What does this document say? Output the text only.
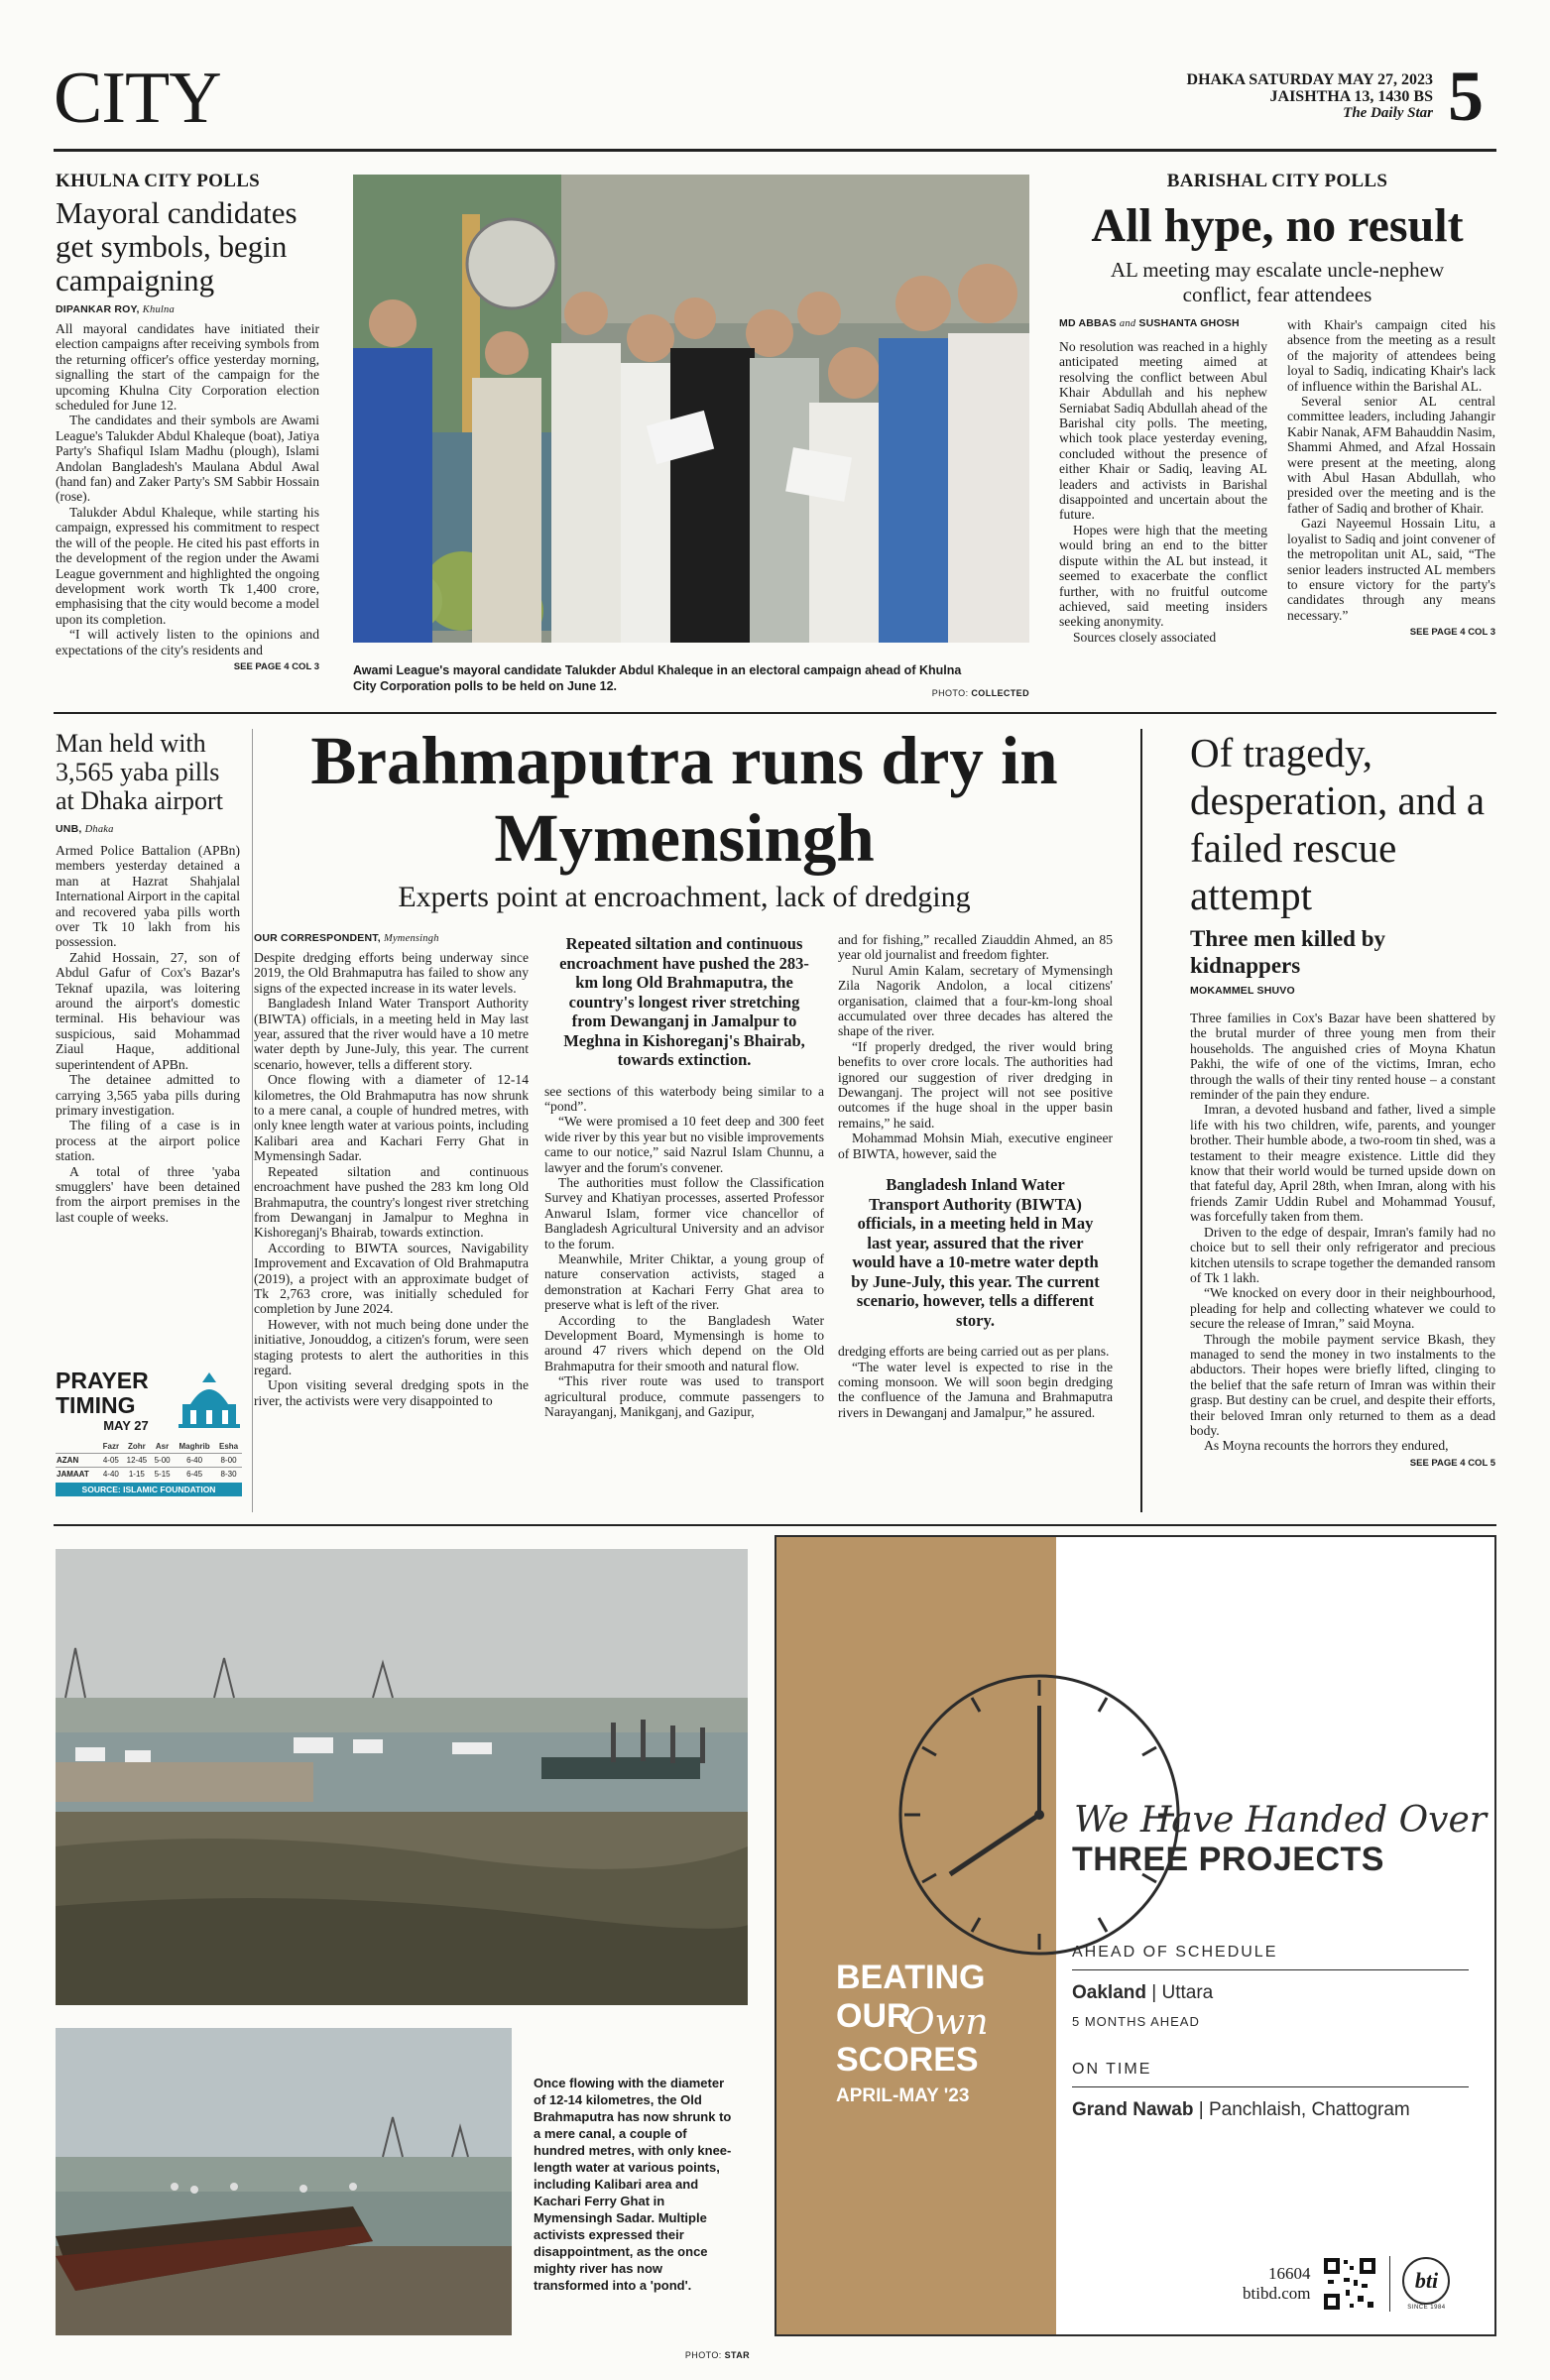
CITY	DHAKA SATURDAY MAY 27, 2023
JAISHTHA 13, 1430 BS
The Daily Star 5
KHULNA CITY POLLS
Mayoral candidates get symbols, begin campaigning
DIPANKAR ROY, Khulna

All mayoral candidates have initiated their election campaigns after receiving symbols from the returning officer's office yesterday morning, signalling the start of the campaign for the upcoming Khulna City Corporation election scheduled for June 12.

The candidates and their symbols are Awami League's Talukder Abdul Khaleque (boat), Jatiya Party's Shafiqul Islam Madhu (plough), Islami Andolan Bangladesh's Maulana Abdul Awal (hand fan) and Zaker Party's SM Sabbir Hossain (rose).

Talukder Abdul Khaleque, while starting his campaign, expressed his commitment to respect the will of the people. He cited his past efforts in the development of the region under the Awami League government and highlighted the ongoing development work worth Tk 1,400 crore, emphasising that the city would become a model upon its completion.

“I will actively listen to the opinions and expectations of the city's residents and

SEE PAGE 4 COL 3	Awami League's mayoral candidate Talukder Abdul Khaleque in an electoral campaign ahead of Khulna City Corporation polls to be held on June 12.	PHOTO: COLLECTED
BARISHAL CITY POLLS
All hype, no result
AL meeting may escalate uncle-nephew conflict, fear attendees
MD ABBAS and SUSHANTA GHOSH

No resolution was reached in a highly anticipated meeting aimed at resolving the conflict between Abul Khair Abdullah and his nephew Serniabat Sadiq Abdullah ahead of the Barishal city polls. The meeting, which took place yesterday evening, concluded without the presence of either Khair or Sadiq, leaving AL leaders and activists in Barishal disappointed and uncertain about the future.

Hopes were high that the meeting would bring an end to the bitter dispute within the AL but instead, it seemed to exacerbate the conflict further, with no fruitful outcome achieved, said meeting insiders seeking anonymity.

Sources closely associated

with Khair's campaign cited his absence from the meeting as a result of the majority of attendees being loyal to Sadiq, indicating Khair's lack of influence within the Barishal AL.

Several senior AL central committee leaders, including Jahangir Kabir Nanak, AFM Bahauddin Nasim, Shammi Ahmed, and Afzal Hossain were present at the meeting, along with Abul Hasan Abdullah, who presided over the meeting and is the father of Sadiq and brother of Khair.

Gazi Nayeemul Hossain Litu, a loyalist to Sadiq and joint convener of the metropolitan unit AL, said, “The senior leaders instructed AL members to ensure victory for the party's candidates through any means necessary.”

SEE PAGE 4 COL 3
Man held with 3,565 yaba pills at Dhaka airport
UNB, Dhaka

Armed Police Battalion (APBn) members yesterday detained a man at Hazrat Shahjalal International Airport in the capital and recovered yaba pills worth over Tk 10 lakh from his possession.

Zahid Hossain, 27, son of Abdul Gafur of Cox's Bazar's Teknaf upazila, was loitering around the airport's domestic terminal. His behaviour was suspicious, said Mohammad Ziaul Haque, additional superintendent of APBn.

The detainee admitted to carrying 3,565 yaba pills during primary investigation.

The filing of a case is in process at the airport police station.

A total of three 'yaba smugglers' have been detained from the airport premises in the last couple of weeks.

PRAYER
TIMING
MAY 27
	Fazr	Zohr	Asr	Maghrib	Esha
AZAN	4-05	12-45	5-00	6-40	8-00
JAMAAT	4-40	1-15	5-15	6-45	8-30
SOURCE: ISLAMIC FOUNDATION
Brahmaputra runs dry in Mymensingh
Experts point at encroachment, lack of dredging
OUR CORRESPONDENT, Mymensingh

Despite dredging efforts being underway since 2019, the Old Brahmaputra has failed to show any signs of the expected increase in its water levels.

Bangladesh Inland Water Transport Authority (BIWTA) officials, in a meeting held in May last year, assured that the river would have a 10 metre water depth by June-July, this year. The current scenario, however, tells a different story.

Once flowing with a diameter of 12-14 kilometres, the Old Brahmaputra has now shrunk to a mere canal, a couple of hundred metres, with only knee length water at various points, including Kalibari area and Kachari Ferry Ghat in Mymensingh Sadar.

Repeated siltation and continuous encroachment have pushed the 283 km long Old Brahmaputra, the country's longest river stretching from Dewanganj in Jamalpur to Meghna in Kishoreganj's Bhairab, towards extinction.

According to BIWTA sources, Navigability Improvement and Excavation of Old Brahmaputra (2019), a project with an approximate budget of Tk 2,763 crore, was initially scheduled for completion by June 2024.

However, with not much being done under the initiative, Jonouddog, a citizen's forum, were seen staging protests to alert the authorities in this regard.

Upon visiting several dredging spots in the river, the activists were very disappointed to

Repeated siltation and continuous encroachment have pushed the 283-km long Old Brahmaputra, the country's longest river stretching from Dewanganj in Jamalpur to Meghna in Kishoreganj's Bhairab, towards extinction.

see sections of this waterbody being similar to a “pond”.

“We were promised a 10 feet deep and 300 feet wide river by this year but no visible improvements came to our notice,” said Nazrul Islam Chunnu, a lawyer and the forum's convener.

The authorities must follow the Classification Survey and Khatiyan processes, asserted Professor Anwarul Islam, former vice chancellor of Bangladesh Agricultural University and an advisor to the forum.

Meanwhile, Mriter Chiktar, a young group of nature conservation activists, staged a demonstration at Kachari Ferry Ghat area to preserve what is left of the river.

According to the Bangladesh Water Development Board, Mymensingh is home to around 47 rivers which depend on the Old Brahmaputra for their smooth and natural flow.

“This river route was used to transport agricultural produce, commute passengers to Narayanganj, Manikganj, and Gazipur,

and for fishing,” recalled Ziauddin Ahmed, an 85 year old journalist and freedom fighter.

Nurul Amin Kalam, secretary of Mymensingh Zila Nagorik Andolon, a local citizens' organisation, claimed that a four-km-long shoal accumulated over three decades has altered the shape of the river.

“If properly dredged, the river would bring benefits to over crore locals. The authorities had ignored our suggestion of river dredging in Dewanganj. The project will not see positive outcomes if the huge shoal in the upper basin remains,” he said.

Mohammad Mohsin Miah, executive engineer of BIWTA, however, said the

Bangladesh Inland Water Transport Authority (BIWTA) officials, in a meeting held in May last year, assured that the river would have a 10-metre water depth by June-July, this year. The current scenario, however, tells a different story.

dredging efforts are being carried out as per plans.

“The water level is expected to rise in the coming monsoon. We will soon begin dredging the confluence of the Jamuna and Brahmaputra rivers in Dewanganj and Jamalpur,” he assured.

Of tragedy, desperation, and a failed rescue attempt
Three men killed by kidnappers
MOKAMMEL SHUVO

Three families in Cox's Bazar have been shattered by the brutal murder of three young men from their households. The anguished cries of Moyna Khatun Pakhi, the wife of one of the victims, Imran, echo through the walls of their tiny rented house – a constant reminder of the pain they endure.

Imran, a devoted husband and father, lived a simple life with his two children, wife, parents, and younger brother. Their humble abode, a two-room tin shed, was a testament to their meagre existence. Little did they know that their world would be turned upside down on that fateful day, April 28th, when Imran, along with his friends Zamir Uddin Rubel and Mohammad Yousuf, was forcefully taken from them.

Driven to the edge of despair, Imran's family had no choice but to sell their only refrigerator and precious kitchen utensils to scrape together the demanded ransom of Tk 1 lakh.

“We knocked on every door in their neighbourhood, pleading for help and collecting whatever we could to secure the release of Imran,” said Moyna.

Through the mobile payment service Bkash, they managed to send the money in two instalments to the abductors. Their hopes were briefly lifted, clinging to the belief that the safe return of Imran was within their grasp. But destiny can be cruel, and despite their efforts, their beloved Imran only returned to them as a dead body.

As Moyna recounts the horrors they endured,

SEE PAGE 4 COL 5
Once flowing with the diameter of 12-14 kilometres, the Old Brahmaputra has now shrunk to a mere canal, a couple of hundred metres, with only knee-length water at various points, including Kalibari area and Kachari Ferry Ghat in Mymensingh Sadar. Multiple activists expressed their disappointment, as the once mighty river has now transformed into a 'pond'.
PHOTO: STAR
We Have Handed Over
THREE PROJECTS
AHEAD OF SCHEDULE
Oakland | Uttara
5 MONTHS AHEAD
ON TIME
Grand Nawab | Panchlaish, Chattogram
BEATING
OUR
Own
SCORES
APRIL-MAY '23
16604
btibd.com
bti
SINCE 1984
